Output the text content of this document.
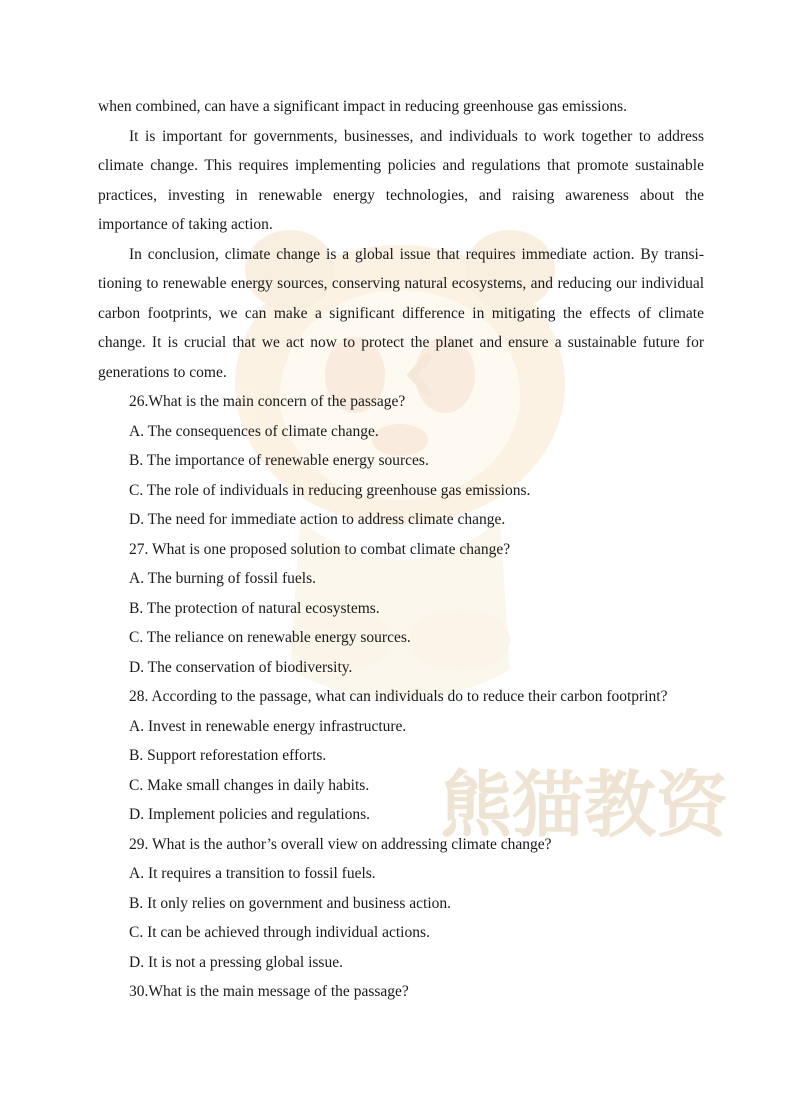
熊猫教资

when combined, can have a significant impact in reducing greenhouse gas emissions.

It is important for governments, businesses, and individuals to work together to address climate change. This requires implementing policies and regulations that promote sustainable practices, investing in renewable energy technologies, and raising awareness about the importance of taking action.

In conclusion, climate change is a global issue that requires immediate action. By transi-tioning to renewable energy sources, conserving natural ecosystems, and reducing our individual carbon footprints, we can make a significant difference in mitigating the effects of climate change. It is crucial that we act now to protect the planet and ensure a sustainable future for generations to come.

26.What is the main concern of the passage?

A. The consequences of climate change.

B. The importance of renewable energy sources.

C. The role of individuals in reducing greenhouse gas emissions.

D. The need for immediate action to address climate change.

27. What is one proposed solution to combat climate change?

A. The burning of fossil fuels.

B. The protection of natural ecosystems.

C. The reliance on renewable energy sources.

D. The conservation of biodiversity.

28. According to the passage, what can individuals do to reduce their carbon footprint?

A. Invest in renewable energy infrastructure.

B. Support reforestation efforts.

C. Make small changes in daily habits.

D. Implement policies and regulations.

29. What is the author’s overall view on addressing climate change?

A. It requires a transition to fossil fuels.

B. It only relies on government and business action.

C. It can be achieved through individual actions.

D. It is not a pressing global issue.

30.What is the main message of the passage?
